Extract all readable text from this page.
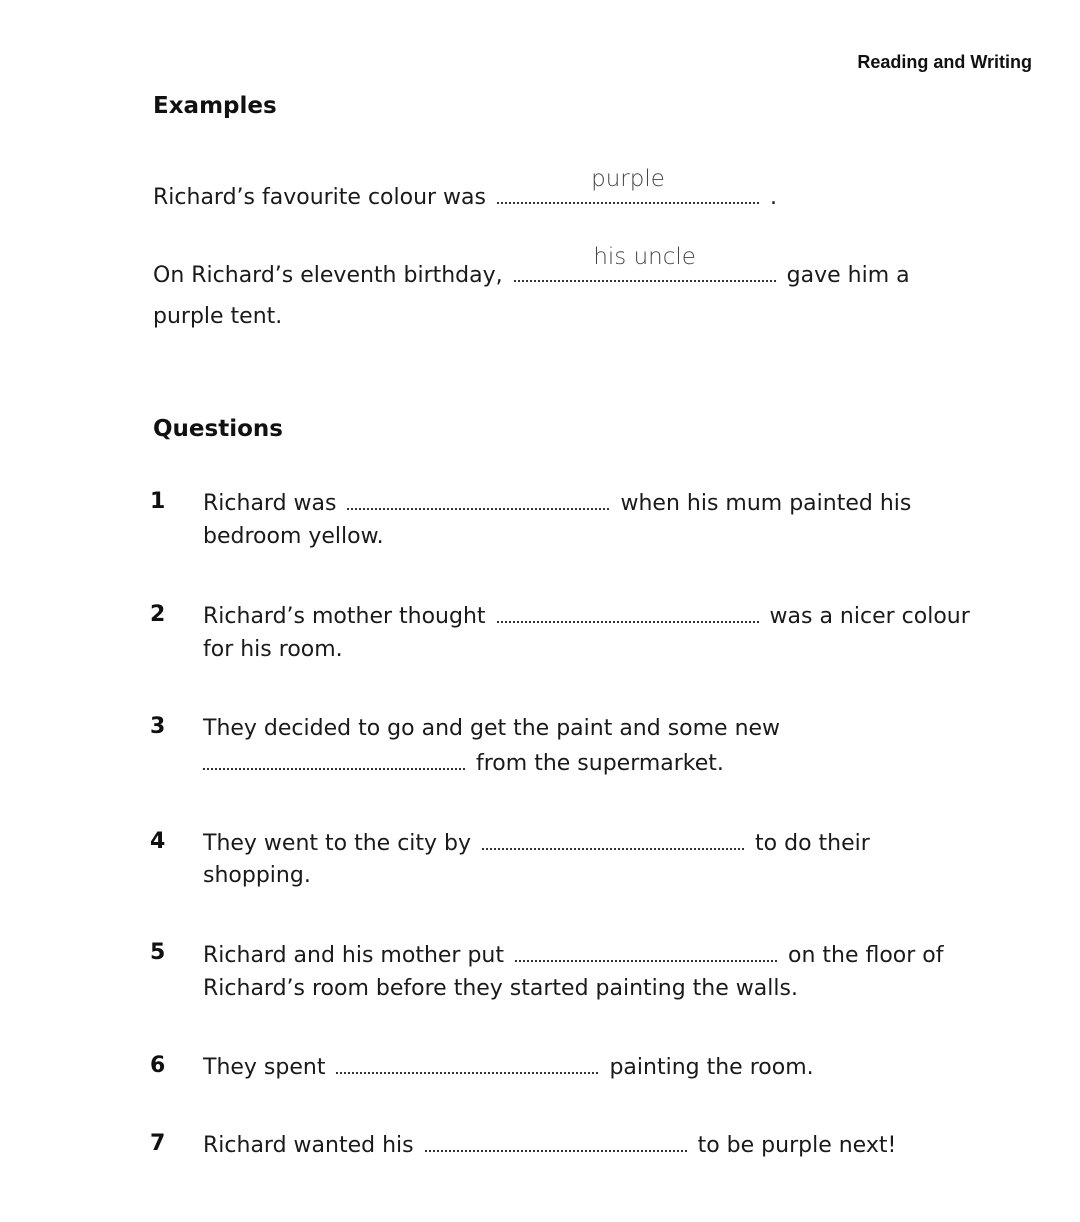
Reading and Writing
Examples
Richard’s favourite colour was
purple
.
On Richard’s eleventh birthday,
his uncle
gave him a
purple tent.
Questions
1	Richard was	when his mum painted his
bedroom yellow.
2	Richard’s mother thought	was a nicer colour
for his room.
3	They decided to go and get the paint and some new
from the supermarket.
4	They went to the city by	to do their
shopping.
5	Richard and his mother put	on the floor of
Richard’s room before they started painting the walls.
6	They spent	painting the room.
7	Richard wanted his	to be purple next!
